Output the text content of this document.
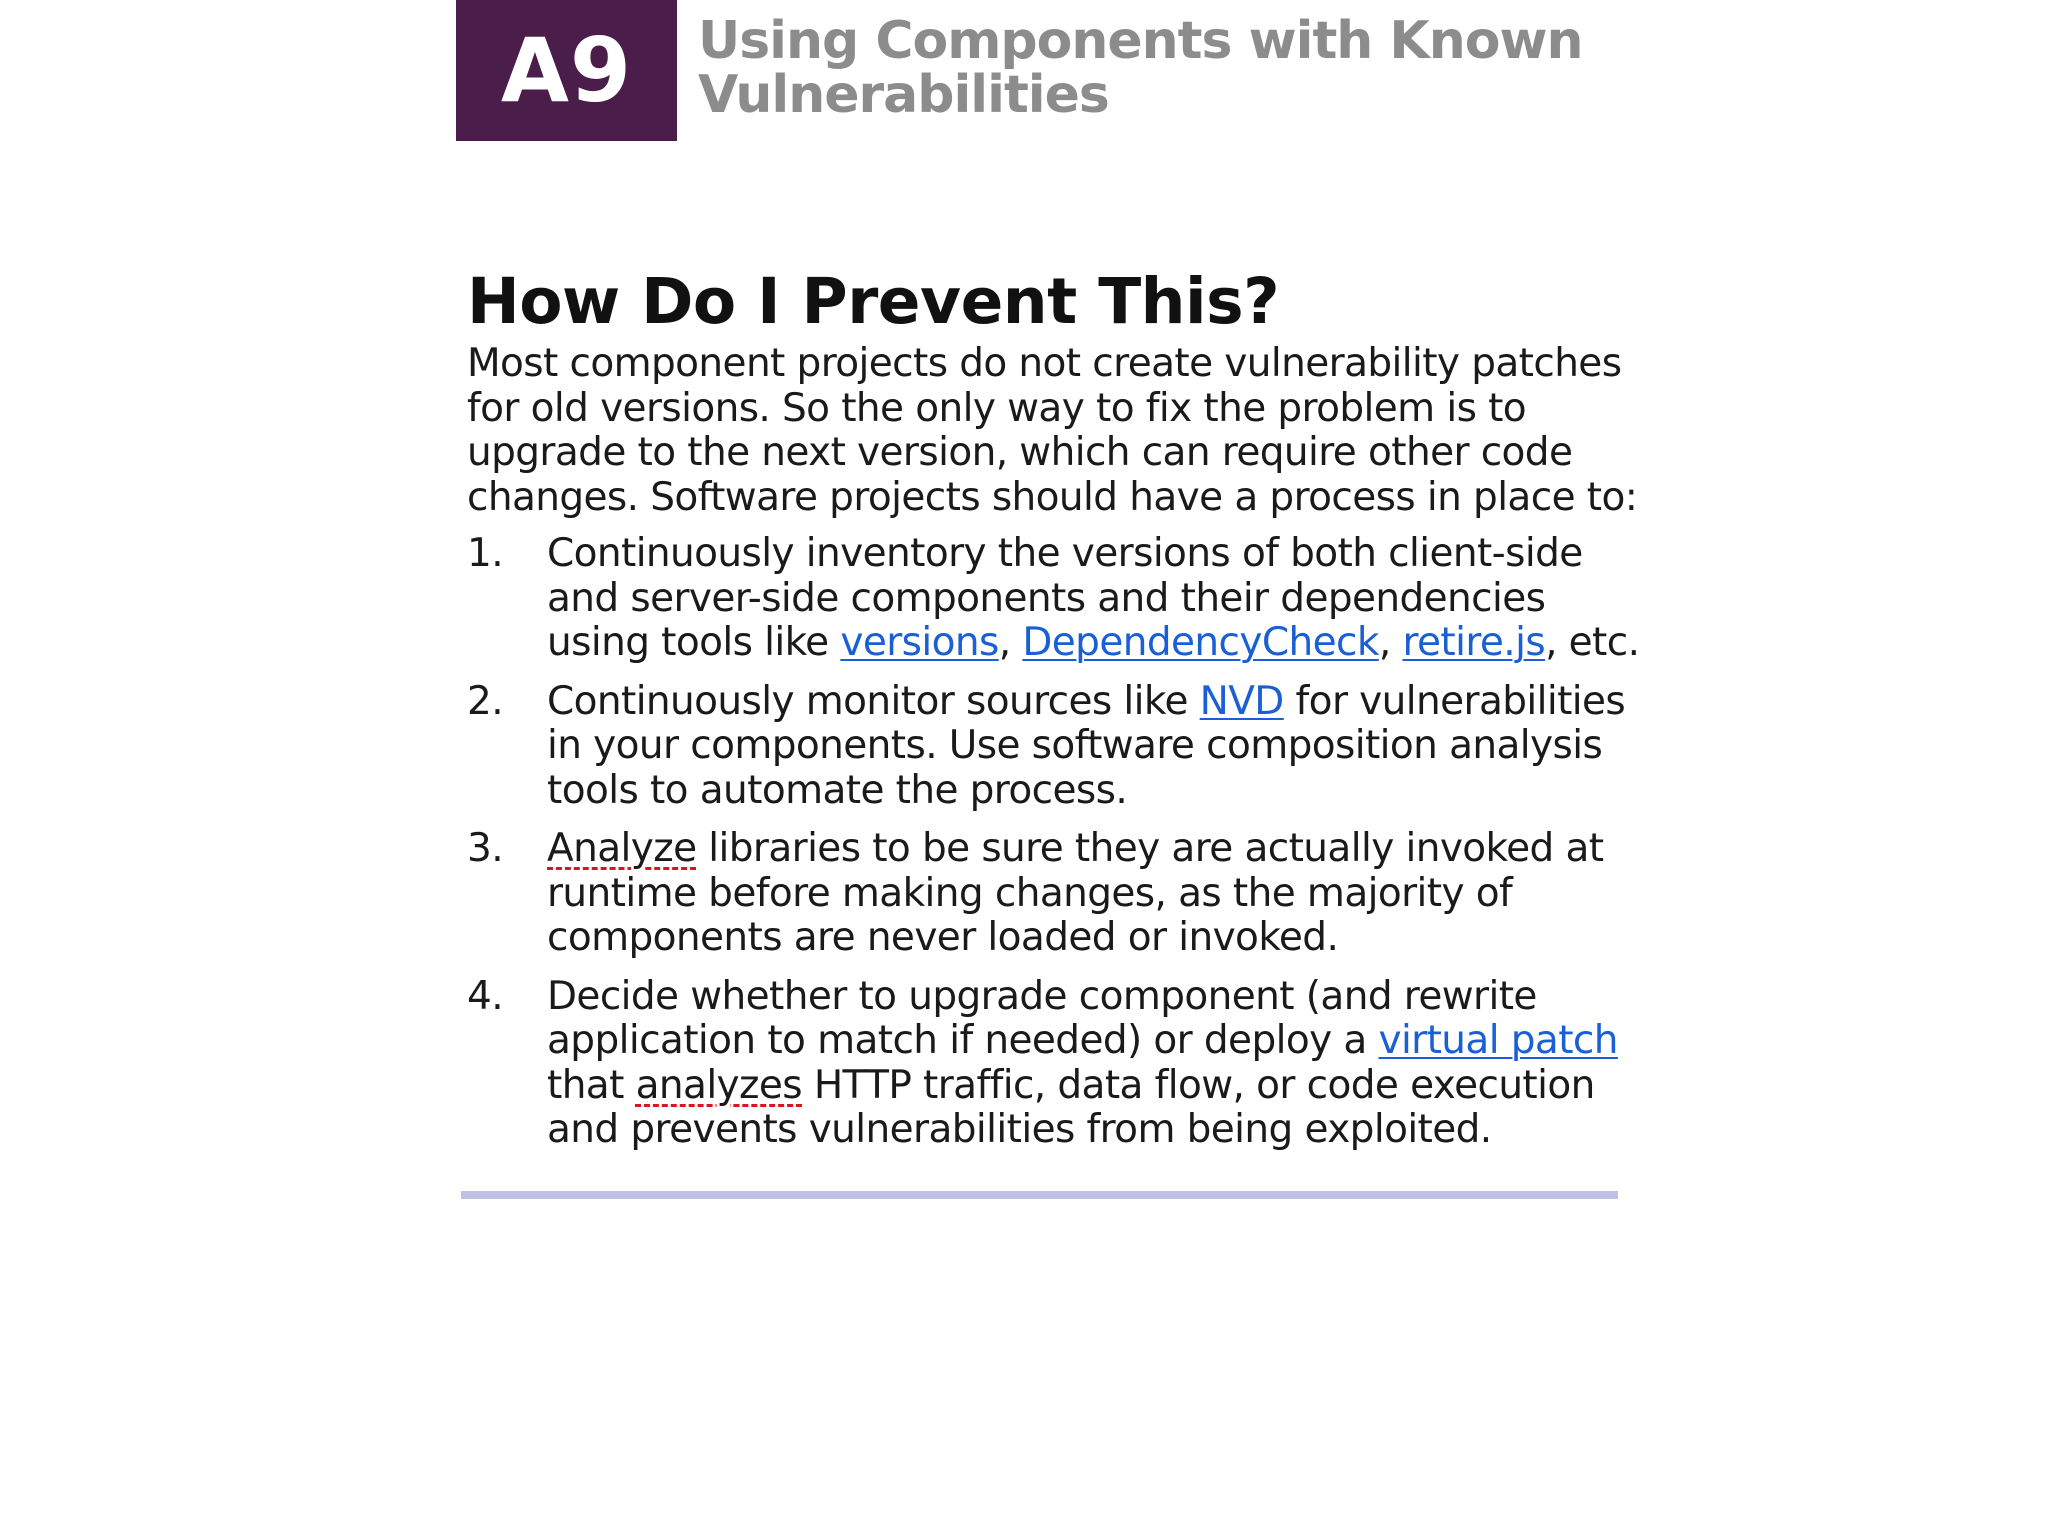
A9 Using Components with Known Vulnerabilities
How Do I Prevent This?

Most component projects do not create vulnerability patches for old versions. So the only way to fix the problem is to upgrade to the next version, which can require other code changes. Software projects should have a process in place to:

1. Continuously inventory the versions of both client-side and server-side components and their dependencies using tools like versions, DependencyCheck, retire.js, etc.
2. Continuously monitor sources like NVD for vulnerabilities in your components. Use software composition analysis tools to automate the process.
3. Analyze libraries to be sure they are actually invoked at runtime before making changes, as the majority of components are never loaded or invoked.
4. Decide whether to upgrade component (and rewrite application to match if needed) or deploy a virtual patch that analyzes HTTP traffic, data flow, or code execution and prevents vulnerabilities from being exploited.
